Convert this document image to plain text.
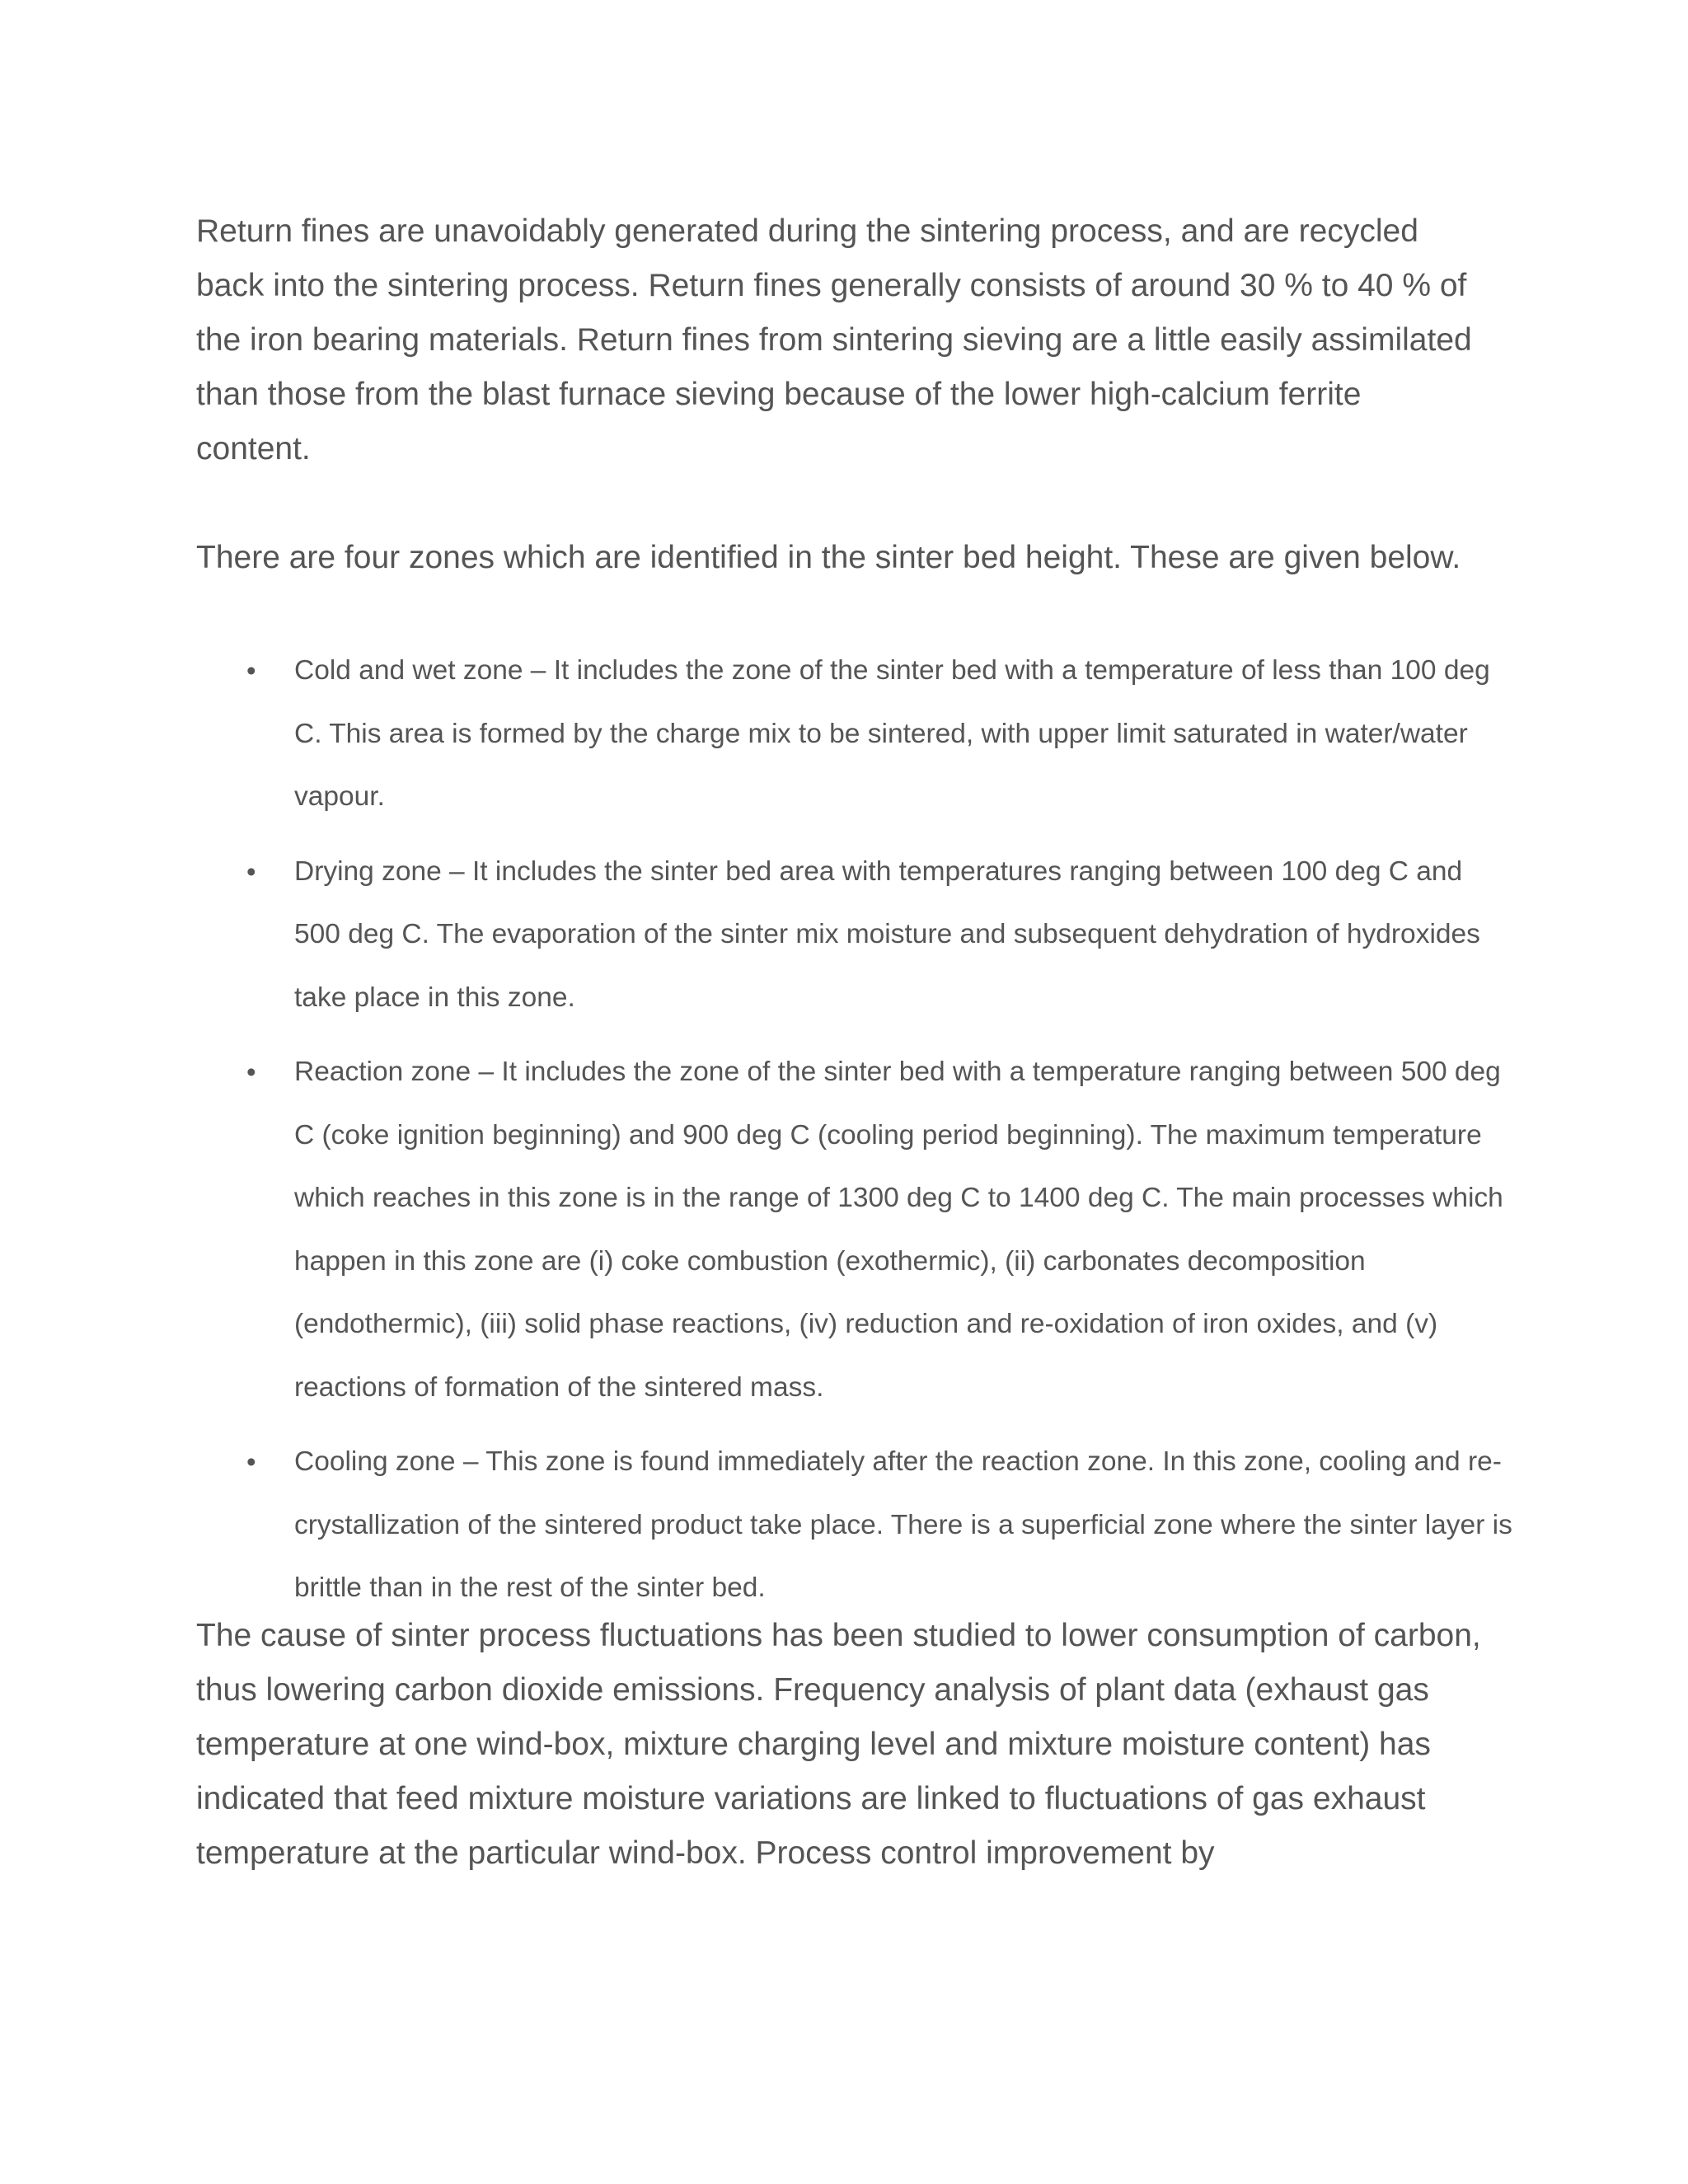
Return fines are unavoidably generated during the sintering process, and are recycled back into the sintering process. Return fines generally consists of around 30 % to 40 % of the iron bearing materials. Return fines from sintering sieving are a little easily assimilated than those from the blast furnace sieving because of the lower high-calcium ferrite content.

There are four zones which are identified in the sinter bed height. These are given below.

• Cold and wet zone – It includes the zone of the sinter bed with a temperature of less than 100 deg C. This area is formed by the charge mix to be sintered, with upper limit saturated in water/water vapour.
• Drying zone – It includes the sinter bed area with temperatures ranging between 100 deg C and 500 deg C. The evaporation of the sinter mix moisture and subsequent dehydration of hydroxides take place in this zone.
• Reaction zone – It includes the zone of the sinter bed with a temperature ranging between 500 deg C (coke ignition beginning) and 900 deg C (cooling period beginning). The maximum temperature which reaches in this zone is in the range of 1300 deg C to 1400 deg C. The main processes which happen in this zone are (i) coke combustion (exothermic), (ii) carbonates decomposition (endothermic), (iii) solid phase reactions, (iv) reduction and re-oxidation of iron oxides, and (v) reactions of formation of the sintered mass.
• Cooling zone – This zone is found immediately after the reaction zone. In this zone, cooling and re-crystallization of the sintered product take place. There is a superficial zone where the sinter layer is brittle than in the rest of the sinter bed.

The cause of sinter process fluctuations has been studied to lower consumption of carbon, thus lowering carbon dioxide emissions. Frequency analysis of plant data (exhaust gas temperature at one wind-box, mixture charging level and mixture moisture content) has indicated that feed mixture moisture variations are linked to fluctuations of gas exhaust temperature at the particular wind-box. Process control improvement by
